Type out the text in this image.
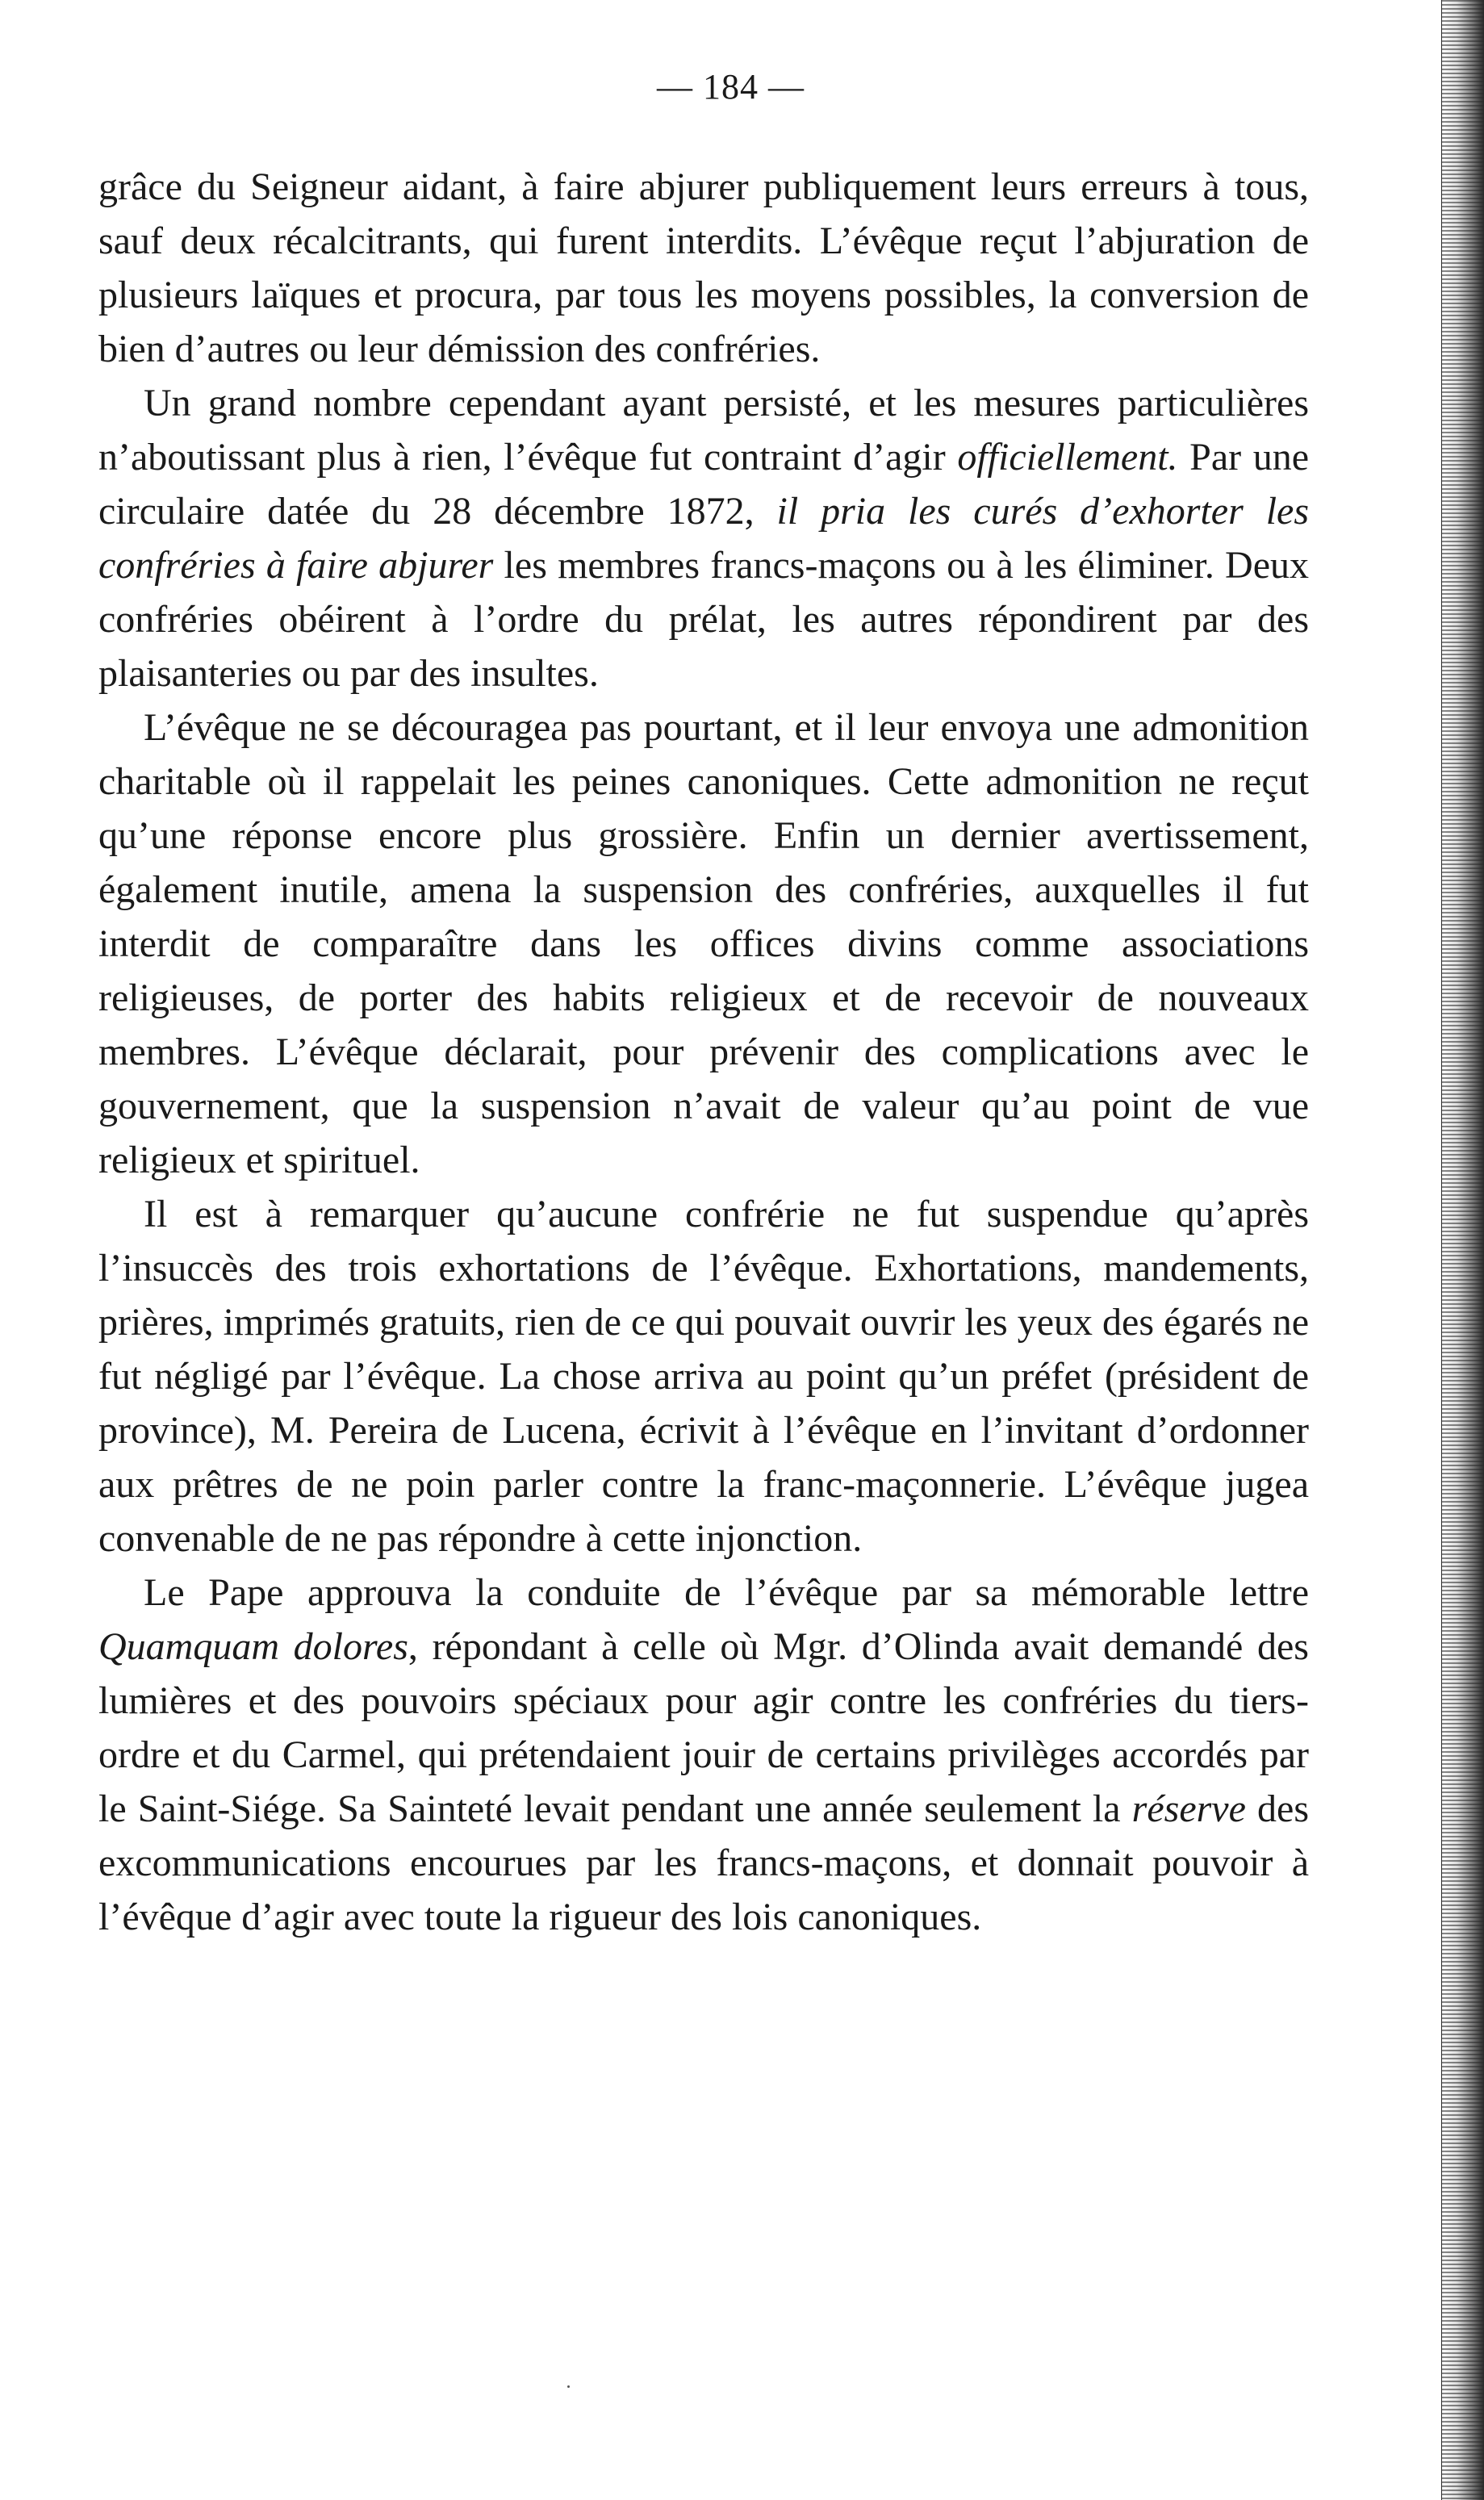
— 184 —

grâce du Seigneur aidant, à faire abjurer publiquement leurs erreurs à tous, sauf deux récalcitrants, qui furent interdits. L’évêque reçut l’abjuration de plusieurs laïques et procura, par tous les moyens possibles, la conversion de bien d’autres ou leur démission des confréries.

Un grand nombre cependant ayant persisté, et les mesures particulières n’aboutissant plus à rien, l’évêque fut contraint d’agir officiellement. Par une circulaire datée du 28 décembre 1872, il pria les curés d’exhorter les confréries à faire abjurer les membres francs-maçons ou à les éliminer. Deux confréries obéirent à l’ordre du prélat, les autres répondirent par des plaisanteries ou par des insultes.

L’évêque ne se découragea pas pourtant, et il leur envoya une admonition charitable où il rappelait les peines canoniques. Cette admonition ne reçut qu’une réponse encore plus grossière. Enfin un dernier avertissement, également inutile, amena la suspension des confréries, auxquelles il fut interdit de comparaître dans les offices divins comme associations religieuses, de porter des habits religieux et de recevoir de nouveaux membres. L’évêque déclarait, pour prévenir des complications avec le gouvernement, que la suspension n’avait de valeur qu’au point de vue religieux et spirituel.

Il est à remarquer qu’aucune confrérie ne fut suspendue qu’après l’insuccès des trois exhortations de l’évêque. Exhortations, mandements, prières, imprimés gratuits, rien de ce qui pouvait ouvrir les yeux des égarés ne fut négligé par l’évêque. La chose arriva au point qu’un préfet (président de province), M. Pereira de Lucena, écrivit à l’évêque en l’invitant d’ordonner aux prêtres de ne poin parler contre la franc-maçonnerie. L’évêque jugea convenable de ne pas répondre à cette injonction.

Le Pape approuva la conduite de l’évêque par sa mémorable lettre Quamquam dolores, répondant à celle où Mgr. d’Olinda avait demandé des lumières et des pouvoirs spéciaux pour agir contre les confréries du tiers-ordre et du Carmel, qui prétendaient jouir de certains privilèges accordés par le Saint-Siége. Sa Sainteté levait pendant une année seulement la réserve des excommunications encourues par les francs-maçons, et donnait pouvoir à l’évêque d’agir avec toute la rigueur des lois canoniques.
